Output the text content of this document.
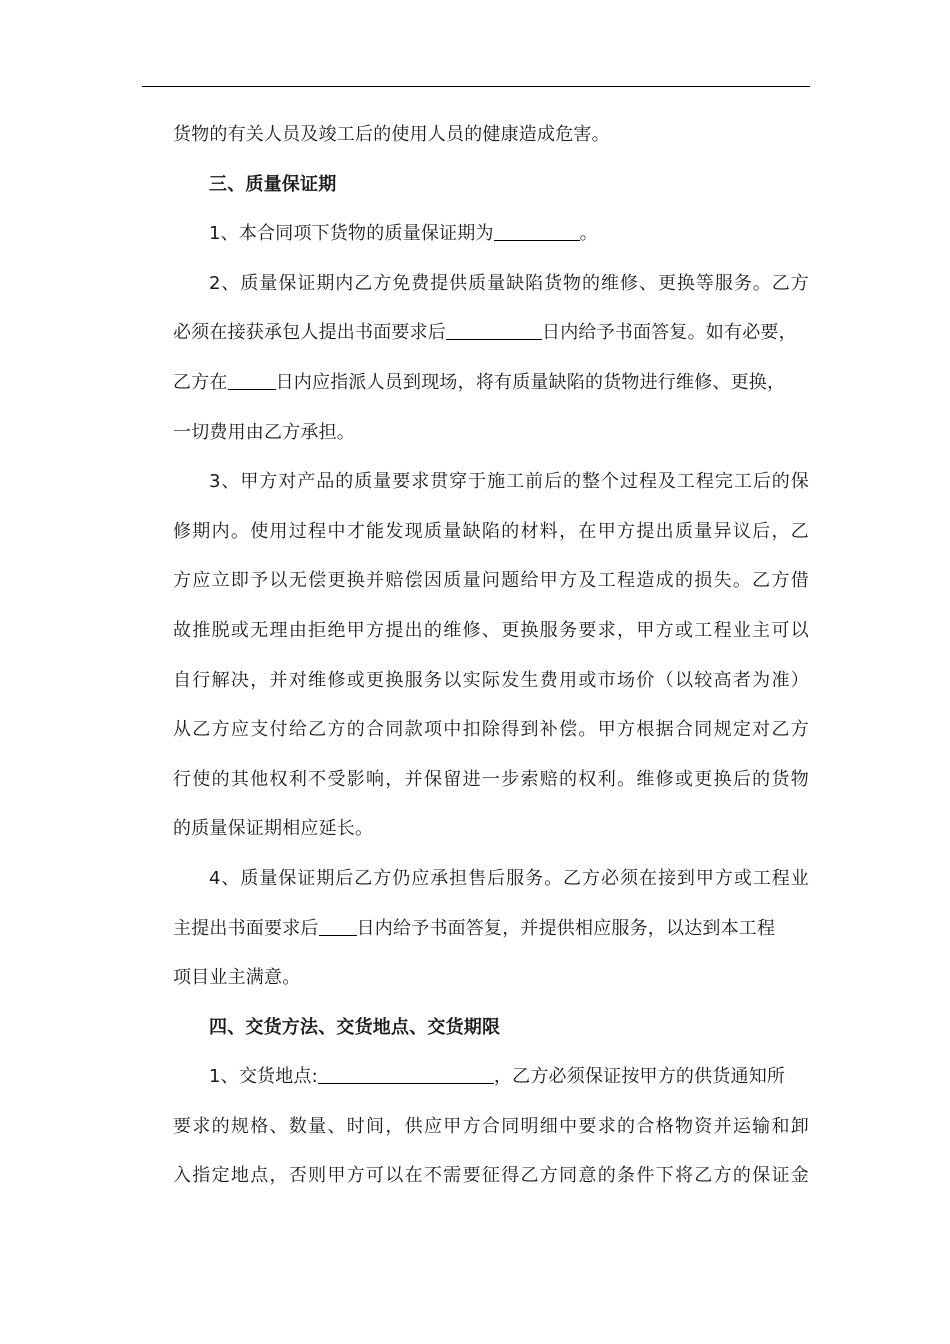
货物的有关人员及竣工后的使用人员的健康造成危害。
三、质量保证期
1、本合同项下货物的质量保证期为	。
2、质量保证期内乙方免费提供质量缺陷货物的维修、更换等服务。乙方
必须在接获承包人提出书面要求后	日内给予书面答复。如有必要，
乙方在	日内应指派人员到现场，将有质量缺陷的货物进行维修、更换，
一切费用由乙方承担。
3、甲方对产品的质量要求贯穿于施工前后的整个过程及工程完工后的保
修期内。使用过程中才能发现质量缺陷的材料，在甲方提出质量异议后，乙
方应立即予以无偿更换并赔偿因质量问题给甲方及工程造成的损失。乙方借
故推脱或无理由拒绝甲方提出的维修、更换服务要求，甲方或工程业主可以
自行解决，并对维修或更换服务以实际发生费用或市场价（以较高者为准）
从乙方应支付给乙方的合同款项中扣除得到补偿。甲方根据合同规定对乙方
行使的其他权利不受影响，并保留进一步索赔的权利。维修或更换后的货物
的质量保证期相应延长。
4、质量保证期后乙方仍应承担售后服务。乙方必须在接到甲方或工程业
主提出书面要求后 日内给予书面答复，并提供相应服务，以达到本工程
项目业主满意。
四、交货方法、交货地点、交货期限
1、交货地点:	，乙方必须保证按甲方的供货通知所
要求的规格、数量、时间，供应甲方合同明细中要求的合格物资并运输和卸
入指定地点，否则甲方可以在不需要征得乙方同意的条件下将乙方的保证金
